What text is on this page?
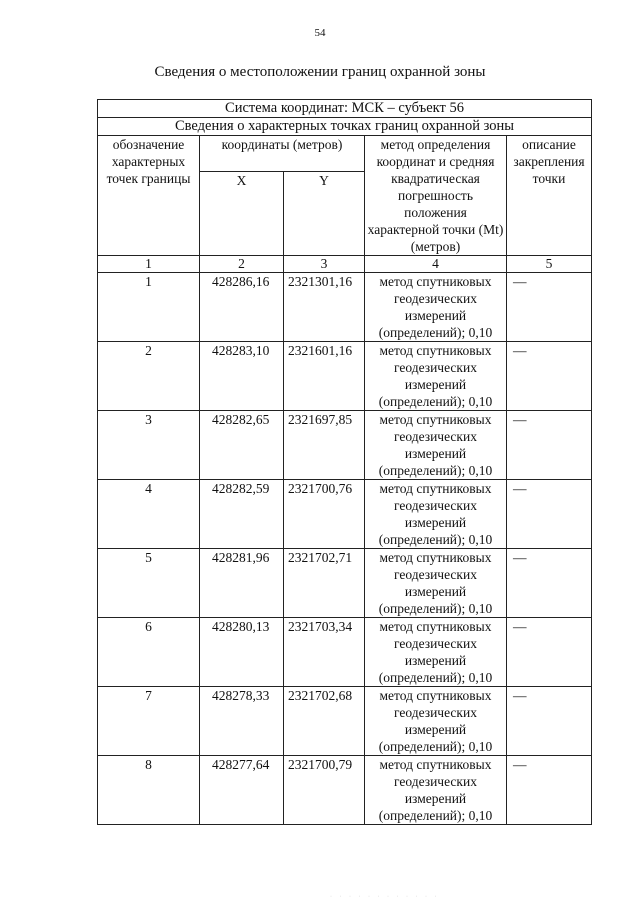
54
Сведения о местоположении границ охранной зоны
Система координат: МСК – субъект 56				
Сведения о характерных точках границ охранной зоны				
обозначение характерных точек границы	координаты (метров)		метод определения координат и средняя квадратическая погрешность положения характерной точки (Mt) (метров)	описание закрепления точки
	X	Y		
1	2	3	4	5
1	428286,16	2321301,16	метод спутниковых геодезических измерений (определений); 0,10	—
2	428283,10	2321601,16	метод спутниковых геодезических измерений (определений); 0,10	—
3	428282,65	2321697,85	метод спутниковых геодезических измерений (определений); 0,10	—
4	428282,59	2321700,76	метод спутниковых геодезических измерений (определений); 0,10	—
5	428281,96	2321702,71	метод спутниковых геодезических измерений (определений); 0,10	—
6	428280,13	2321703,34	метод спутниковых геодезических измерений (определений); 0,10	—
7	428278,33	2321702,68	метод спутниковых геодезических измерений (определений); 0,10	—
8	428277,64	2321700,79	метод спутниковых геодезических измерений (определений); 0,10	—
· · · · · · · · · · · ·
